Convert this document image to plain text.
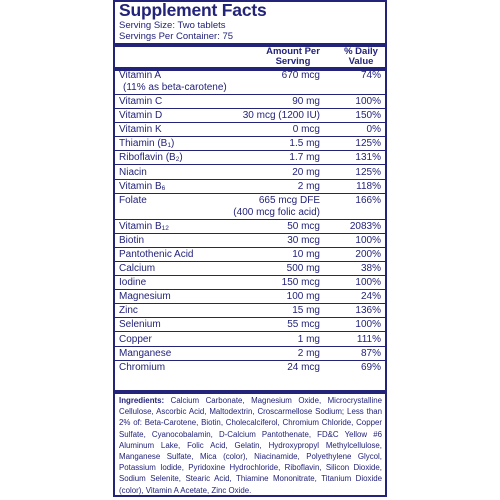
Supplement Facts
Serving Size: Two tablets
Servings Per Container: 75
Amount Per
Serving
% Daily
Value
Vitamin A	670 mcg	74%
(11% as beta-carotene)
Vitamin C	90 mg	100%
Vitamin D	30 mcg (1200 IU)	150%
Vitamin K	0 mcg	0%
Thiamin $(B_1)$	1.5 mg	125%
Riboflavin $(B_2)$	1.7 mg	131%
Niacin	20 mg	125%
Vitamin $B_6$	2 mg	118%
Folate	665 mcg DFE	166%
(400 mcg folic acid)
Vitamin $B_{12}$	50 mcg	2083%
Biotin	30 mcg	100%
Pantothenic Acid	10 mg	200%
Calcium	500 mg	38%
Iodine	150 mcg	100%
Magnesium	100 mg	24%
Zinc	15 mg	136%
Selenium	55 mcg	100%
Copper	1 mg	111%
Manganese	2 mg	87%
Chromium	24 mcg	69%
Ingredients: Calcium Carbonate, Magnesium Oxide, Microcrystalline Cellulose, Ascorbic Acid, Maltodextrin, Croscarmellose Sodium; Less than 2% of: Beta-Carotene, Biotin, Cholecalciferol, Chromium Chloride, Copper Sulfate, Cyanocobalamin, D-Calcium Pantothenate, FD&C Yellow #6 Aluminum Lake, Folic Acid, Gelatin, Hydroxypropyl Methylcellulose, Manganese Sulfate, Mica (color), Niacinamide, Polyethylene Glycol, Potassium Iodide, Pyridoxine Hydrochloride, Riboflavin, Silicon Dioxide, Sodium Selenite, Stearic Acid, Thiamine Mononitrate, Titanium Dioxide (color), Vitamin A Acetate, Zinc Oxide.
